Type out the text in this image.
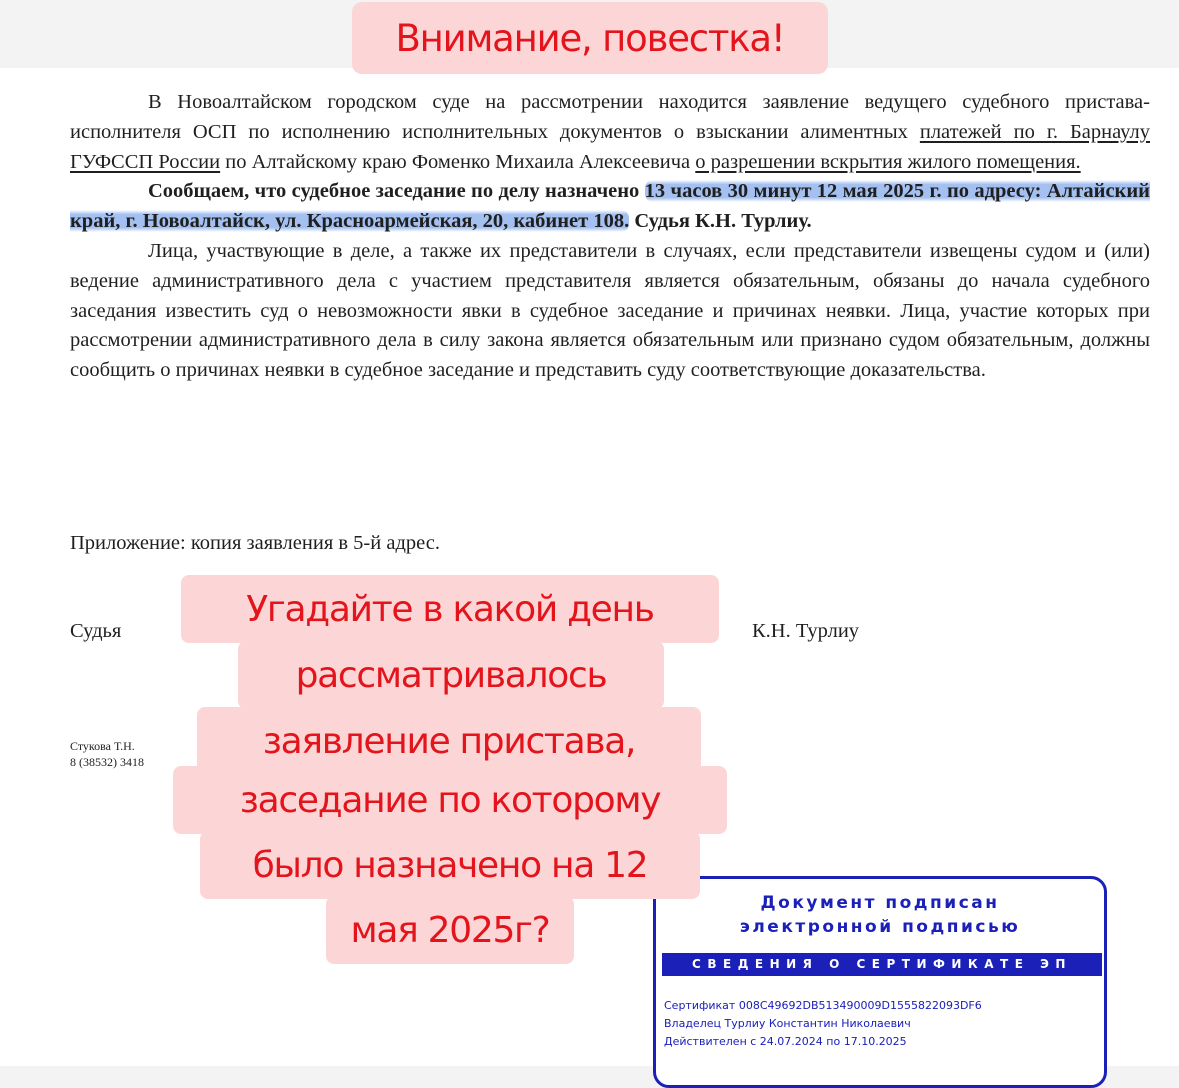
В Новоалтайском городском суде на рассмотрении находится заявление ведущего судебного пристава-исполнителя ОСП по исполнению исполнительных документов о взыскании алиментных платежей по г. Барнаулу ГУФССП России по Алтайскому краю Фоменко Михаила Алексеевича о разрешении вскрытия жилого помещения.

Сообщаем, что судебное заседание по делу назначено 13 часов 30 минут 12 мая 2025 г. по адресу: Алтайский край, г. Новоалтайск, ул. Красноармейская, 20, кабинет 108. Судья К.Н. Турлиу.

Лица, участвующие в деле, а также их представители в случаях, если представители извещены судом и (или) ведение административного дела с участием представителя является обязательным, обязаны до начала судебного заседания известить суд о невозможности явки в судебное заседание и причинах неявки. Лица, участие которых при рассмотрении административного дела в силу закона является обязательным или признано судом обязательным, должны сообщить о причинах неявки в судебное заседание и представить суду соответствующие доказательства.

Приложение: копия заявления в 5-й адрес.
Судья	К.Н. Турлиу
Стукова Т.Н.
8 (38532) 3418
Документ подписан
электронной подписью
СВЕДЕНИЯ О СЕРТИФИКАТЕ ЭП
Сертификат 008C49692DB513490009D1555822093DF6
Владелец Турлиу Константин Николаевич
Действителен с 24.07.2024 по 17.10.2025
Внимание, повестка!
Угадайте в какой день
рассматривалось
заявление пристава,
заседание по которому
было назначено на 12
мая 2025г?
